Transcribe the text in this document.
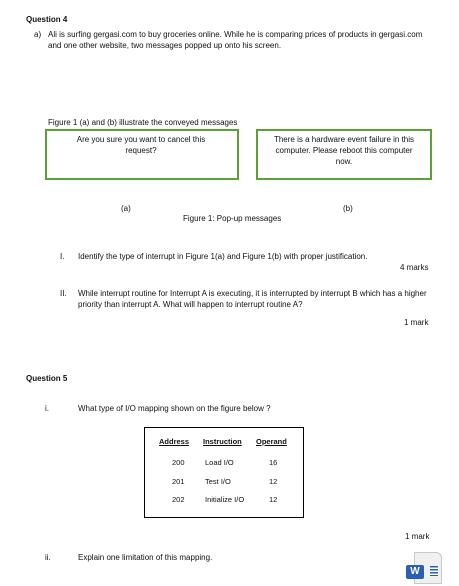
Question 4
a) Ali is surfing gergasi.com to buy groceries online. While he is comparing prices of products in gergasi.com and one other website, two messages popped up onto his screen.
Figure 1 (a) and (b) illustrate the conveyed messages
Are you sure you want to cancel this request?
There is a hardware event failure in this computer. Please reboot this computer now.
(a)	(b)
Figure 1: Pop-up messages
I. Identify the type of interrupt in Figure 1(a) and Figure 1(b) with proper justification.
4 marks
II. While interrupt routine for Interrupt A is executing, it is interrupted by interrupt B which has a higher priority than interrupt A. What will happen to interrupt routine A?
1 mark
Question 5
i.	What type of I/O mapping shown on the figure below ?
Address Instruction Operand
200	Load I/O	16
201	Test I/O	12
202	Initialize I/O	12
1 mark
ii.	Explain one limitation of this mapping.
W
